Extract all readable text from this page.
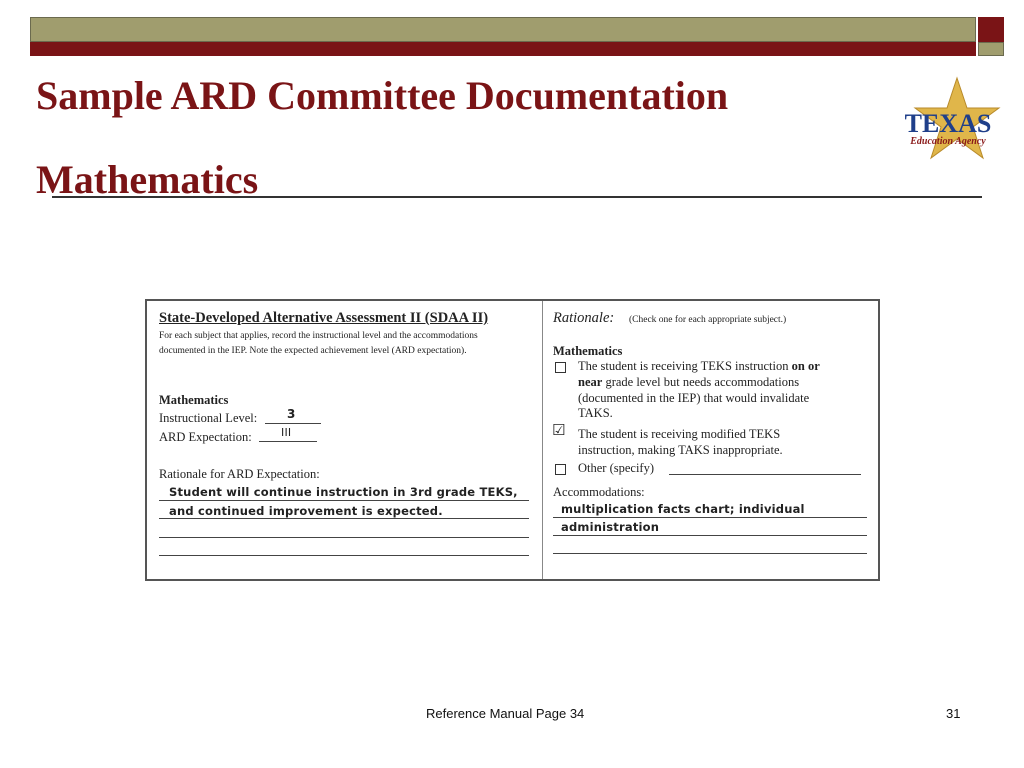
Sample ARD Committee Documentation
Mathematics
TEXAS
Education Agency
State-Developed Alternative Assessment II (SDAA II)
For each subject that applies, record the instructional level and the accommodations
documented in the IEP. Note the expected achievement level (ARD expectation).
Mathematics
Instructional Level: 3
ARD Expectation:	III
Rationale for ARD Expectation:
Student will continue instruction in 3rd grade TEKS,
and continued improvement is expected.
Rationale: (Check one for each appropriate subject.)
Mathematics
The student is receiving TEKS instruction on or
near grade level but needs accommodations
(documented in the IEP) that would invalidate
TAKS.
☑ The student is receiving modified TEKS
instruction, making TAKS inappropriate.
Other (specify)
Accommodations:
multiplication facts chart; individual
administration
Reference Manual Page 34	31
